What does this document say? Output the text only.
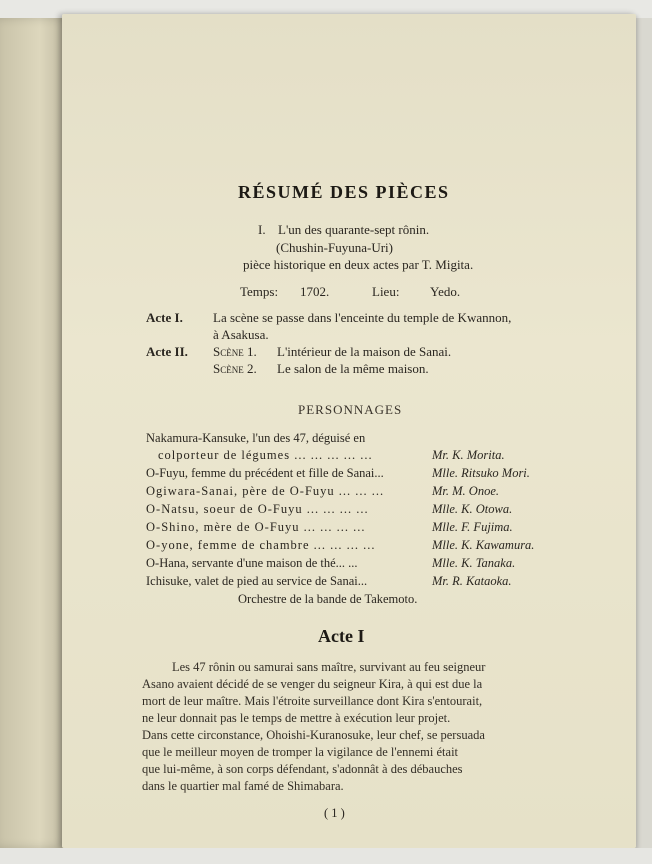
RÉSUMÉ DES PIÈCES
I. L'un des quarante-sept rônin.
(Chushin-Fuyuna-Uri)
pièce historique en deux actes par T. Migita.
Temps: 1702.	Lieu: Yedo.
Acte I. La scène se passe dans l'enceinte du temple de Kwannon,
à Asakusa.
Acte II. Scène 1. L'intérieur de la maison de Sanai.
Scène 2. Le salon de la même maison.
PERSONNAGES
Nakamura-Kansuke, l'un des 47, déguisé en
colporteur de légumes ... ... ... ... ...	Mr. K. Morita.
O-Fuyu, femme du précédent et fille de Sanai...	Mlle. Ritsuko Mori.
Ogiwara-Sanai, père de O-Fuyu ... ... ...	Mr. M. Onoe.
O-Natsu, soeur de O-Fuyu ... ... ... ...	Mlle. K. Otowa.
O-Shino, mère de O-Fuyu ... ... ... ...	Mlle. F. Fujima.
O-yone, femme de chambre ... ... ... ...	Mlle. K. Kawamura.
O-Hana, servante d'une maison de thé... ...	Mlle. K. Tanaka.
Ichisuke, valet de pied au service de Sanai...	Mr. R. Kataoka.
Orchestre de la bande de Takemoto.
Acte I
Les 47 rônin ou samurai sans maître, survivant au feu seigneur
Asano avaient décidé de se venger du seigneur Kira, à qui est due la
mort de leur maître. Mais l'étroite surveillance dont Kira s'entourait,
ne leur donnait pas le temps de mettre à exécution leur projet.
Dans cette circonstance, Ohoishi-Kuranosuke, leur chef, se persuada
que le meilleur moyen de tromper la vigilance de l'ennemi était
que lui-même, à son corps défendant, s'adonnât à des débauches
dans le quartier mal famé de Shimabara.
( 1 )
